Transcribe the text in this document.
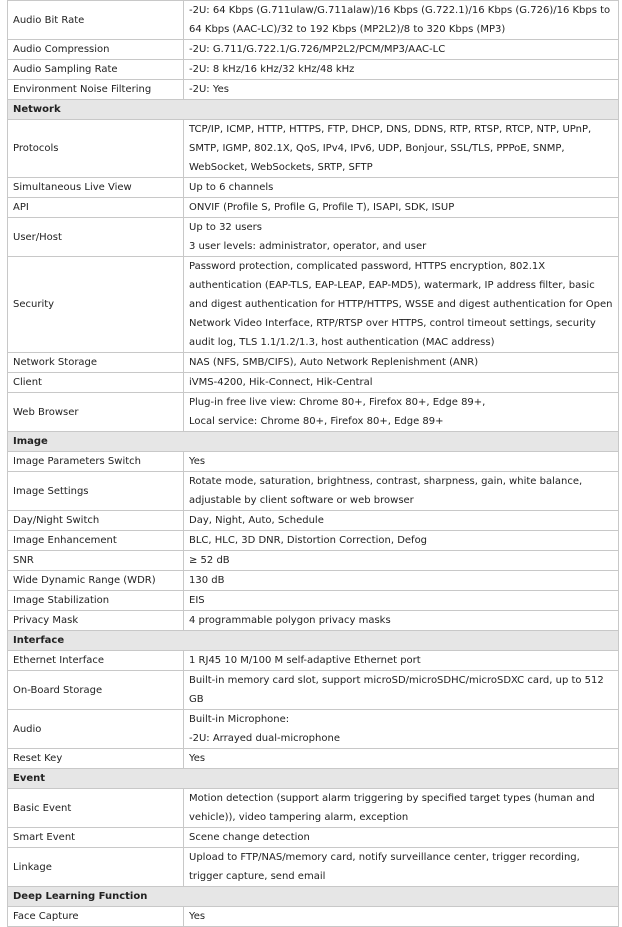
Audio Bit Rate	-2U: 64 Kbps (G.711ulaw/G.711alaw)/16 Kbps (G.722.1)/16 Kbps (G.726)/16 Kbps to 64 Kbps (AAC-LC)/32 to 192 Kbps (MP2L2)/8 to 320 Kbps (MP3)

Audio Compression	-2U: G.711/G.722.1/G.726/MP2L2/PCM/MP3/AAC-LC

Audio Sampling Rate	-2U: 8 kHz/16 kHz/32 kHz/48 kHz

Environment Noise Filtering	-2U: Yes

Network	
Protocols	TCP/IP, ICMP, HTTP, HTTPS, FTP, DHCP, DNS, DDNS, RTP, RTSP, RTCP, NTP, UPnP, SMTP, IGMP, 802.1X, QoS, IPv4, IPv6, UDP, Bonjour, SSL/TLS, PPPoE, SNMP, WebSocket, WebSockets, SRTP, SFTP

Simultaneous Live View	Up to 6 channels

API	ONVIF (Profile S, Profile G, Profile T), ISAPI, SDK, ISUP

User/Host	Up to 32 users

3 user levels: administrator, operator, and user

Security	Password protection, complicated password, HTTPS encryption, 802.1X authentication (EAP-TLS, EAP-LEAP, EAP-MD5), watermark, IP address filter, basic and digest authentication for HTTP/HTTPS, WSSE and digest authentication for Open Network Video Interface, RTP/RTSP over HTTPS, control timeout settings, security audit log, TLS 1.1/1.2/1.3, host authentication (MAC address)

Network Storage	NAS (NFS, SMB/CIFS), Auto Network Replenishment (ANR)

Client	iVMS-4200, Hik-Connect, Hik-Central

Web Browser	Plug-in free live view: Chrome 80+, Firefox 80+, Edge 89+,

Local service: Chrome 80+, Firefox 80+, Edge 89+

Image	
Image Parameters Switch	Yes

Image Settings	Rotate mode, saturation, brightness, contrast, sharpness, gain, white balance, adjustable by client software or web browser

Day/Night Switch	Day, Night, Auto, Schedule

Image Enhancement	BLC, HLC, 3D DNR, Distortion Correction, Defog

SNR	≥ 52 dB

Wide Dynamic Range (WDR)	130 dB

Image Stabilization	EIS

Privacy Mask	4 programmable polygon privacy masks

Interface	
Ethernet Interface	1 RJ45 10 M/100 M self-adaptive Ethernet port

On-Board Storage	Built-in memory card slot, support microSD/microSDHC/microSDXC card, up to 512 GB

Audio	Built-in Microphone:

-2U: Arrayed dual-microphone

Reset Key	Yes

Event	
Basic Event	Motion detection (support alarm triggering by specified target types (human and vehicle)), video tampering alarm, exception

Smart Event	Scene change detection

Linkage	Upload to FTP/NAS/memory card, notify surveillance center, trigger recording, trigger capture, send email

Deep Learning Function	
Face Capture	Yes
